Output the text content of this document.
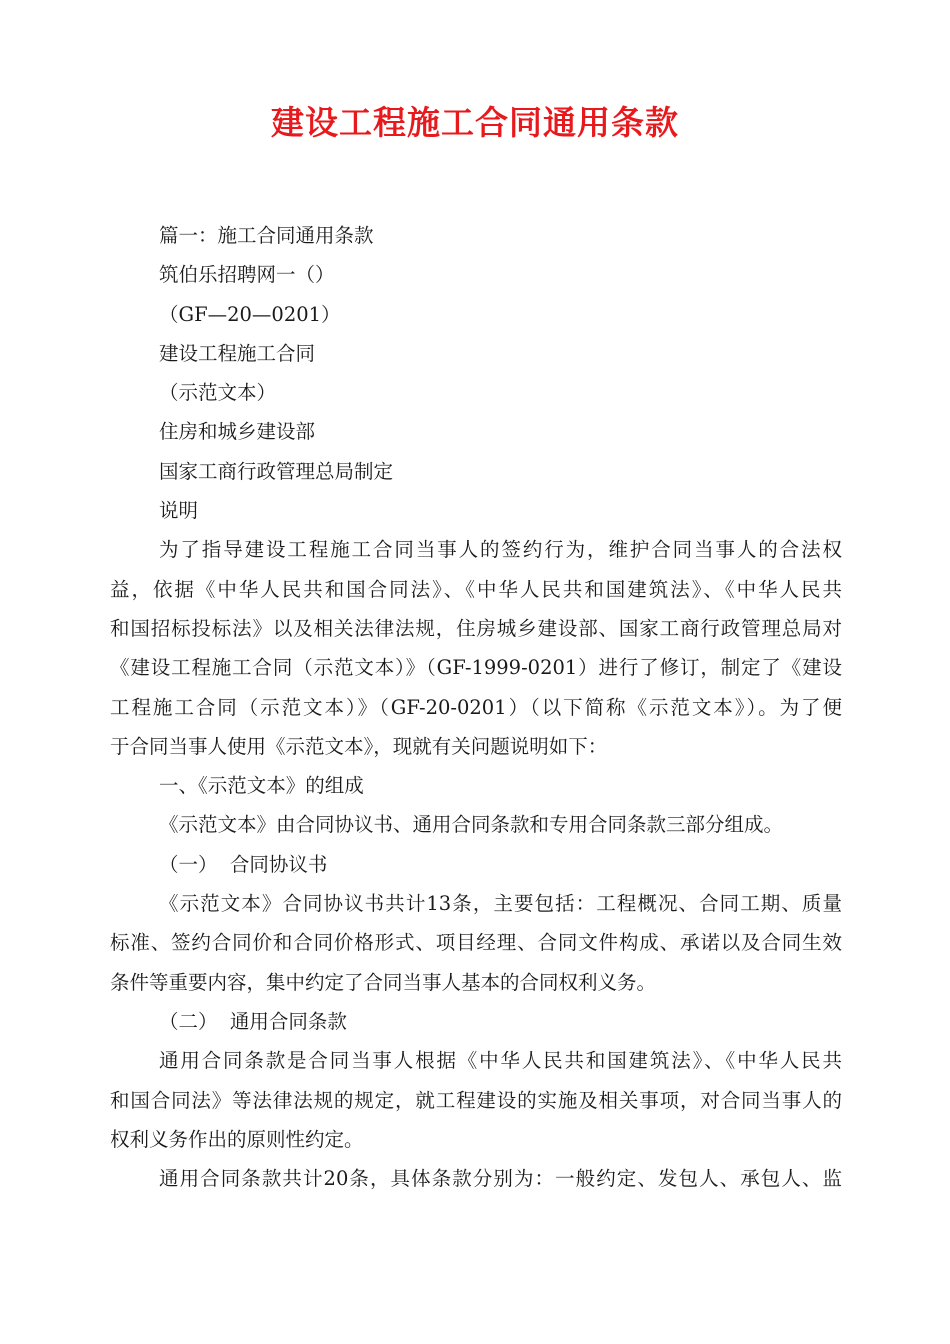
建设工程施工合同通用条款

篇一：施工合同通用条款

筑伯乐招聘网一（）

（GF—20—0201）

建设工程施工合同

（示范文本）

住房和城乡建设部

国家工商行政管理总局制定

说明

为了指导建设工程施工合同当事人的签约行为，维护合同当事人的合法权

益，依据《中华人民共和国合同法》、《中华人民共和国建筑法》、《中华人民共

和国招标投标法》以及相关法律法规，住房城乡建设部、国家工商行政管理总局对

《建设工程施工合同（示范文本）》（GF-1999-0201）进行了修订，制定了《建设

工程施工合同（示范文本）》（GF-20-0201）（以下简称《示范文本》）。为了便

于合同当事人使用《示范文本》，现就有关问题说明如下：

一、《示范文本》的组成

《示范文本》由合同协议书、通用合同条款和专用合同条款三部分组成。

（一）  合同协议书

《示范文本》合同协议书共计13条，主要包括：工程概况、合同工期、质量

标准、签约合同价和合同价格形式、项目经理、合同文件构成、承诺以及合同生效

条件等重要内容，集中约定了合同当事人基本的合同权利义务。

（二）  通用合同条款

通用合同条款是合同当事人根据《中华人民共和国建筑法》、《中华人民共

和国合同法》等法律法规的规定，就工程建设的实施及相关事项，对合同当事人的

权利义务作出的原则性约定。

通用合同条款共计20条，具体条款分别为：一般约定、发包人、承包人、监
